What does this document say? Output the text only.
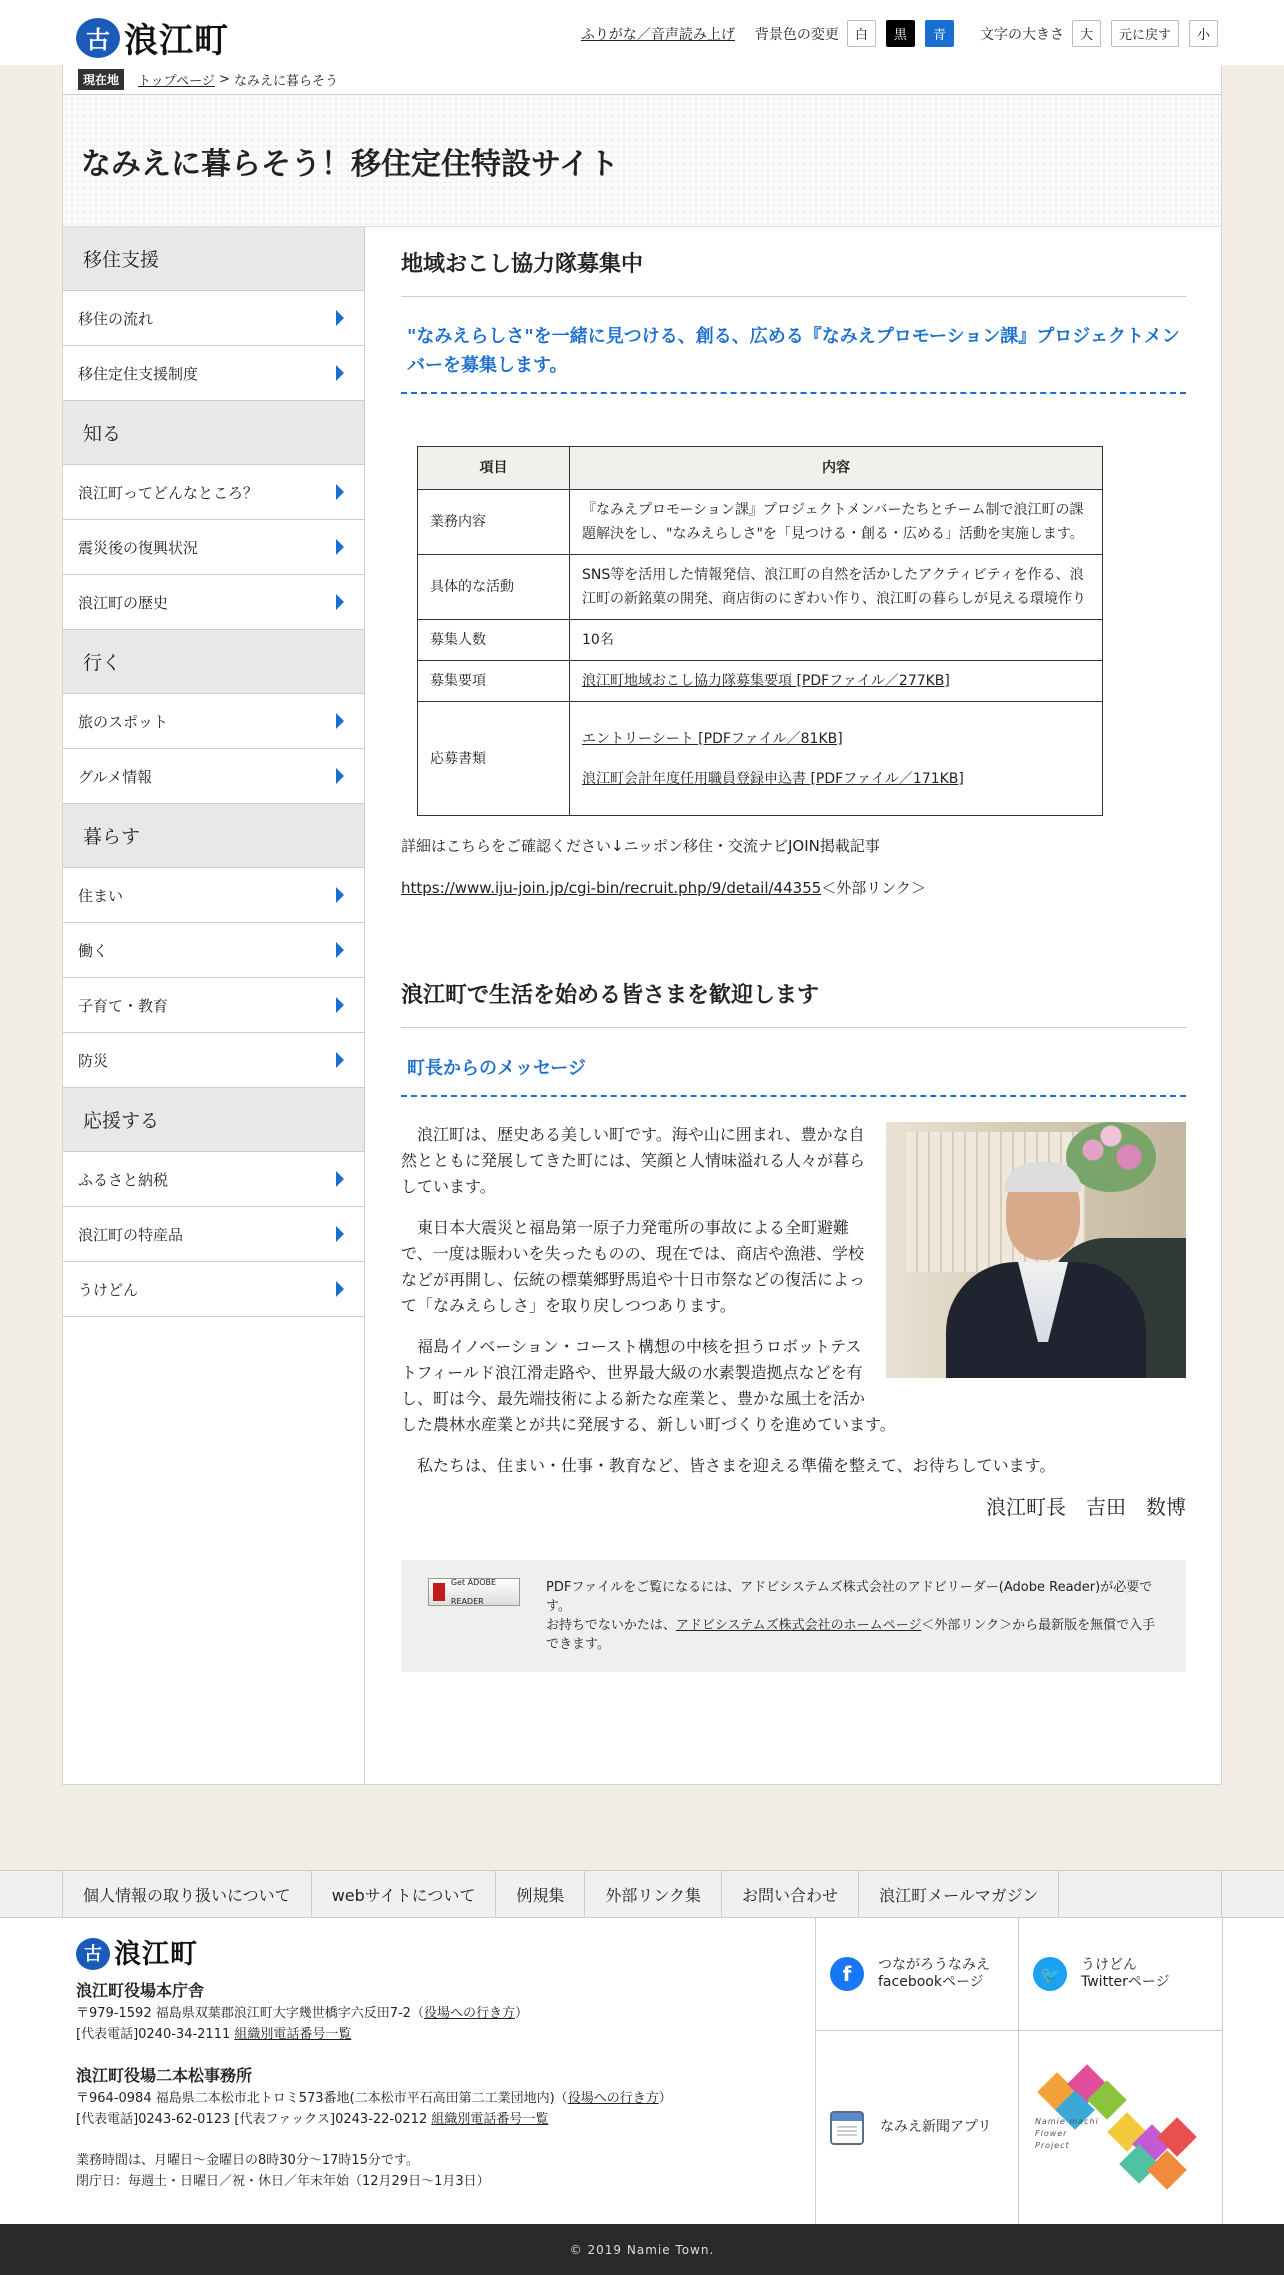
古 浪江町	ふりがな／音声読み上げ 背景色の変更	白	黒	青	文字の大きさ	大	元に戻す	小
現在地	トップページ > なみえに暮らそう
なみえに暮らそう！移住定住特設サイト
移住支援
移住の流れ
移住定住支援制度
知る
浪江町ってどんなところ？
震災後の復興状況
浪江町の歴史
行く
旅のスポット
グルメ情報
暮らす
住まい
働く
子育て・教育
防災
応援する
ふるさと納税
浪江町の特産品
うけどん
地域おこし協力隊募集中
"なみえらしさ"を一緒に見つける、創る、広める『なみえプロモーション課』プロジェクトメンバーを募集します。
項目	内容
業務内容	『なみえプロモーション課』プロジェクトメンバーたちとチーム制で浪江町の課題解決をし、"なみえらしさ"を「見つける・創る・広める」活動を実施します。
具体的な活動	SNS等を活用した情報発信、浪江町の自然を活かしたアクティビティを作る、浪江町の新銘菓の開発、商店街のにぎわい作り、浪江町の暮らしが見える環境作り
募集人数	10名
募集要項	浪江町地域おこし協力隊募集要項 [PDFファイル／277KB]
応募書類	エントリーシート [PDFファイル／81KB]

浪江町会計年度任用職員登録申込書 [PDFファイル／171KB]

詳細はこちらをご確認ください↓ニッポン移住・交流ナビJOIN掲載記事
https://www.iju-join.jp/cgi-bin/recruit.php/9/detail/44355＜外部リンク＞
浪江町で生活を始める皆さまを歓迎します
町長からのメッセージ

浪江町は、歴史ある美しい町です。海や山に囲まれ、豊かな自然とともに発展してきた町には、笑顔と人情味溢れる人々が暮らしています。

東日本大震災と福島第一原子力発電所の事故による全町避難で、一度は賑わいを失ったものの、現在では、商店や漁港、学校などが再開し、伝統の標葉郷野馬追や十日市祭などの復活によって「なみえらしさ」を取り戻しつつあります。

福島イノベーション・コースト構想の中核を担うロボットテストフィールド浪江滑走路や、世界最大級の水素製造拠点などを有し、町は今、最先端技術による新たな産業と、豊かな風土を活かした農林水産業とが共に発展する、新しい町づくりを進めています。

私たちは、住まい・仕事・教育など、皆さまを迎える準備を整えて、お待ちしています。

浪江町長　吉田　数博
Get ADOBE READER
PDFファイルをご覧になるには、アドビシステムズ株式会社のアドビリーダー(Adobe Reader)が必要です。
お持ちでないかたは、アドビシステムズ株式会社のホームページ＜外部リンク＞から最新版を無償で入手できます。
個人情報の取り扱いについて	webサイトについて	例規集	外部リンク集	お問い合わせ	浪江町メールマガジン
古 浪江町
浪江町役場本庁舎
〒979-1592 福島県双葉郡浪江町大字幾世橋字六反田7-2（役場への行き方）
[代表電話]0240-34-2111 組織別電話番号一覧
浪江町役場二本松事務所
〒964-0984 福島県二本松市北トロミ573番地(二本松市平石高田第二工業団地内)（役場への行き方）
[代表電話]0243-62-0123 [代表ファックス]0243-22-0212 組織別電話番号一覧
業務時間は、月曜日～金曜日の8時30分～17時15分です。
閉庁日：毎週土・日曜日／祝・休日／年末年始（12月29日～1月3日）
f	つながろうなみえ
facebookページ	🐦	うけどん
Twitterページ
なみえ新聞アプリ	Namie machi
Flower
Project
© 2019 Namie Town.
